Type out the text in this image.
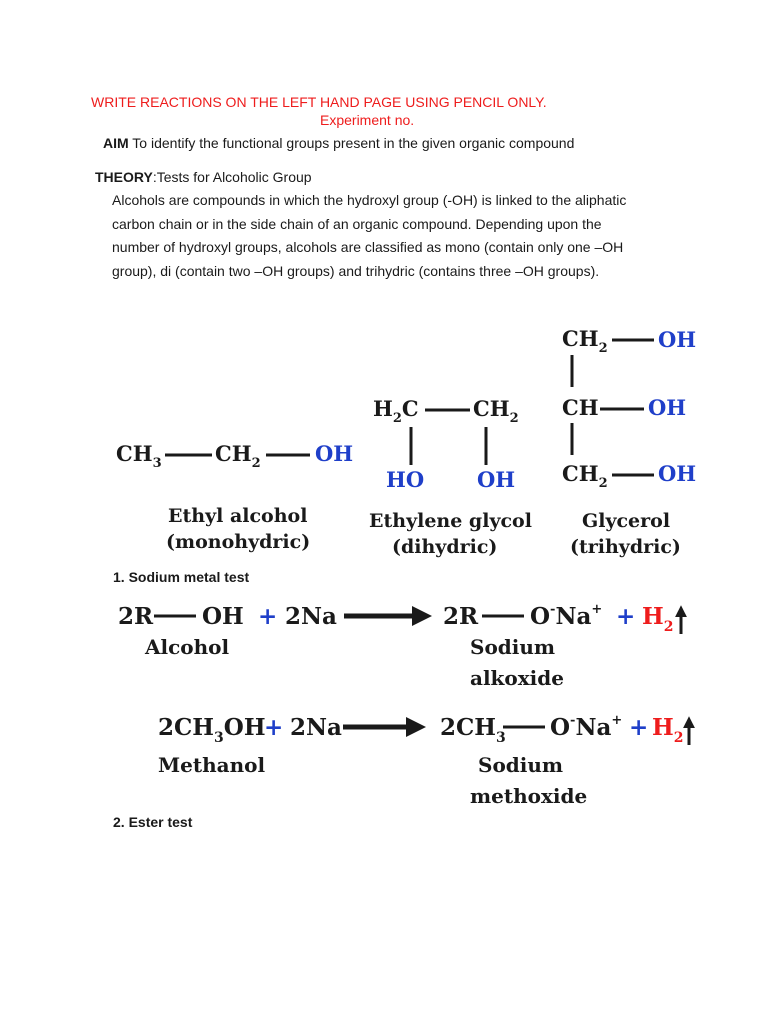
WRITE REACTIONS ON THE LEFT HAND PAGE USING PENCIL ONLY.
Experiment no.
AIM To identify the functional groups present in the given organic compound
THEORY:Tests for Alcoholic Group
Alcohols are compounds in which the hydroxyl group (-OH) is linked to the aliphatic carbon chain or in the side chain of an organic compound. Depending upon the number of hydroxyl groups, alcohols are classified as mono (contain only one –OH group), di (contain two –OH groups) and trihydric (contains three –OH groups).
$CH_3$	$CH_2$	OH
Ethyl alcohol
(monohydric)
$H_2C$	$CH_2$
HO	OH
Ethylene glycol
(dihydric)
$CH_2$ OH
CH OH
$CH_2$ OH
Glycerol
(trihydric)
1. Sodium metal test
2R OH + 2Na	2R $O^-Na^+ + H_2$
Alcohol	Sodium
alkoxide
$2CH_3OH$
+ 2Na	$2CH_3$ $O^-Na^+ + H_2$
Methanol	Sodium
methoxide
2. Ester test
